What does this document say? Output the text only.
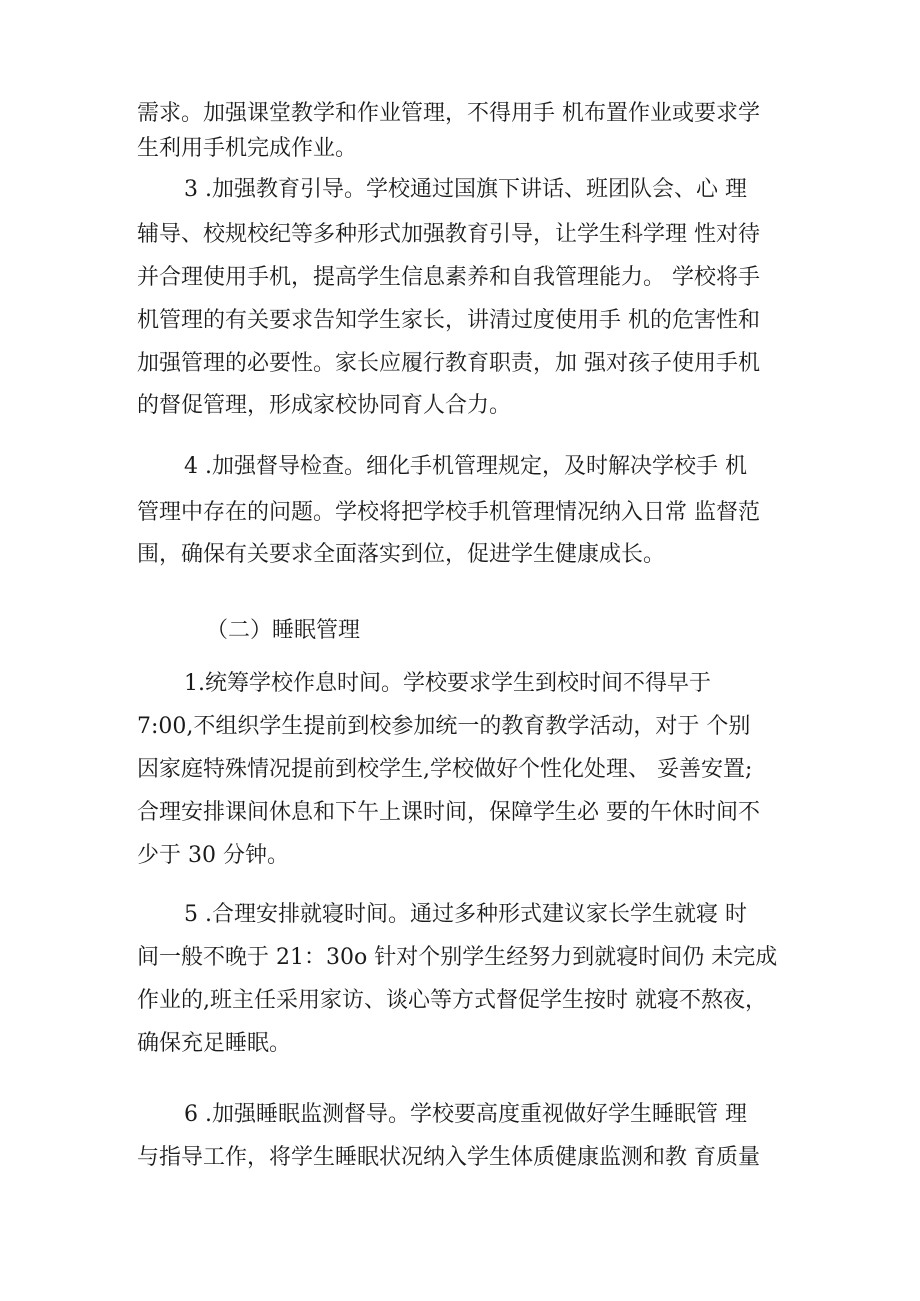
需求。加强课堂教学和作业管理，不得用手 机布置作业或要求学
生利用手机完成作业。
3 .加强教育引导。学校通过国旗下讲话、班团队会、心 理
辅导、校规校纪等多种形式加强教育引导，让学生科学理 性对待
并合理使用手机，提高学生信息素养和自我管理能力。 学校将手
机管理的有关要求告知学生家长，讲清过度使用手 机的危害性和
加强管理的必要性。家长应履行教育职责，加 强对孩子使用手机
的督促管理，形成家校协同育人合力。
4 .加强督导检查。细化手机管理规定，及时解决学校手 机
管理中存在的问题。学校将把学校手机管理情况纳入日常 监督范
围，确保有关要求全面落实到位，促进学生健康成长。
（二）睡眠管理
1.统筹学校作息时间。学校要求学生到校时间不得早于
7:00,不组织学生提前到校参加统一的教育教学活动，对于 个别
因家庭特殊情况提前到校学生,学校做好个性化处理、 妥善安置;
合理安排课间休息和下午上课时间，保障学生必 要的午休时间不
少于 30 分钟。
5 .合理安排就寝时间。通过多种形式建议家长学生就寝 时
间一般不晚于 21：30o 针对个别学生经努力到就寝时间仍 未完成
作业的,班主任采用家访、谈心等方式督促学生按时 就寝不熬夜，
确保充足睡眠。
6 .加强睡眠监测督导。学校要高度重视做好学生睡眠管 理
与指导工作，将学生睡眠状况纳入学生体质健康监测和教 育质量
